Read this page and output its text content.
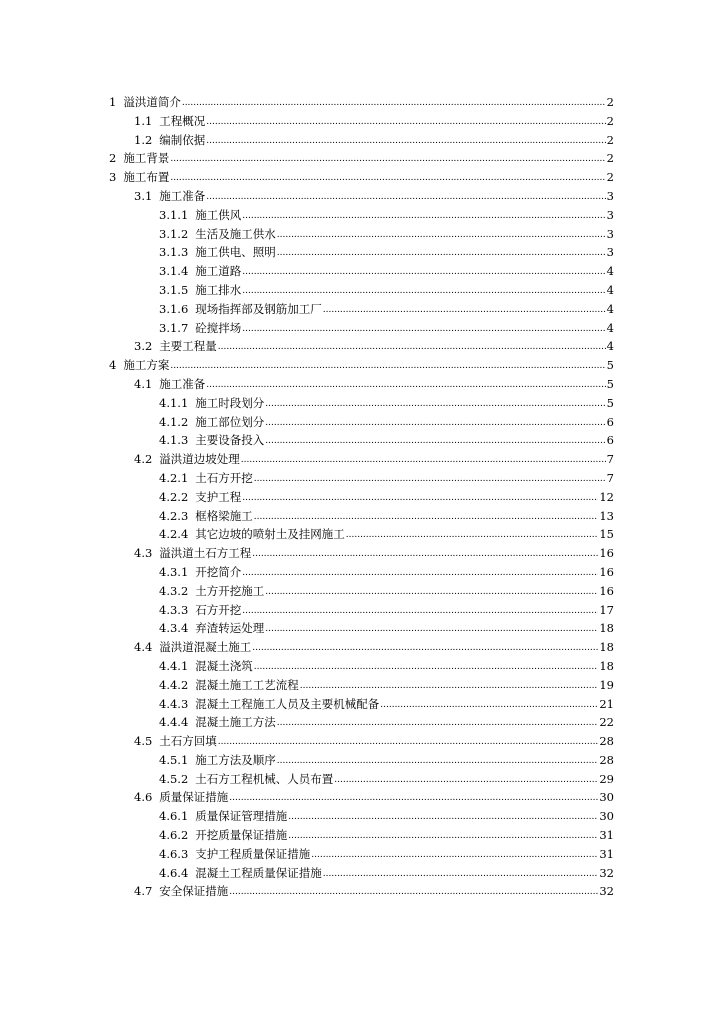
1 溢洪道简介 .....	2
1.1 工程概况 .....	2
1.2 编制依据 .....	2
2 施工背景 .....	2
3 施工布置 .....	2
3.1 施工准备 .....	3
3.1.1 施工供风 .....	3
3.1.2 生活及施工供水 .....	3
3.1.3 施工供电、照明 .....	3
3.1.4 施工道路 .....	4
3.1.5 施工排水 .....	4
3.1.6 现场指挥部及钢筋加工厂 .....	4
3.1.7 砼搅拌场 .....	4
3.2 主要工程量 .....	4
4 施工方案 .....	5
4.1 施工准备 .....	5
4.1.1 施工时段划分 .....	5
4.1.2 施工部位划分 .....	6
4.1.3 主要设备投入 .....	6
4.2 溢洪道边坡处理 .....	7
4.2.1 土石方开挖 .....	7
4.2.2 支护工程 .....	12
4.2.3 框格梁施工 .....	13
4.2.4 其它边坡的喷射土及挂网施工 .....	15
4.3 溢洪道土石方工程 .....	16
4.3.1 开挖简介 .....	16
4.3.2 土方开挖施工 .....	16
4.3.3 石方开挖 .....	17
4.3.4 弃渣转运处理 .....	18
4.4 溢洪道混凝土施工 .....	18
4.4.1 混凝土浇筑 .....	18
4.4.2 混凝土施工工艺流程 .....	19
4.4.3 混凝土工程施工人员及主要机械配备 .....	21
4.4.4 混凝土施工方法 .....	22
4.5 土石方回填 .....	28
4.5.1 施工方法及顺序 .....	28
4.5.2 土石方工程机械、人员布置 .....	29
4.6 质量保证措施 .....	30
4.6.1 质量保证管理措施 .....	30
4.6.2 开挖质量保证措施 .....	31
4.6.3 支护工程质量保证措施 .....	31
4.6.4 混凝土工程质量保证措施 .....	32
4.7 安全保证措施 .....	32
